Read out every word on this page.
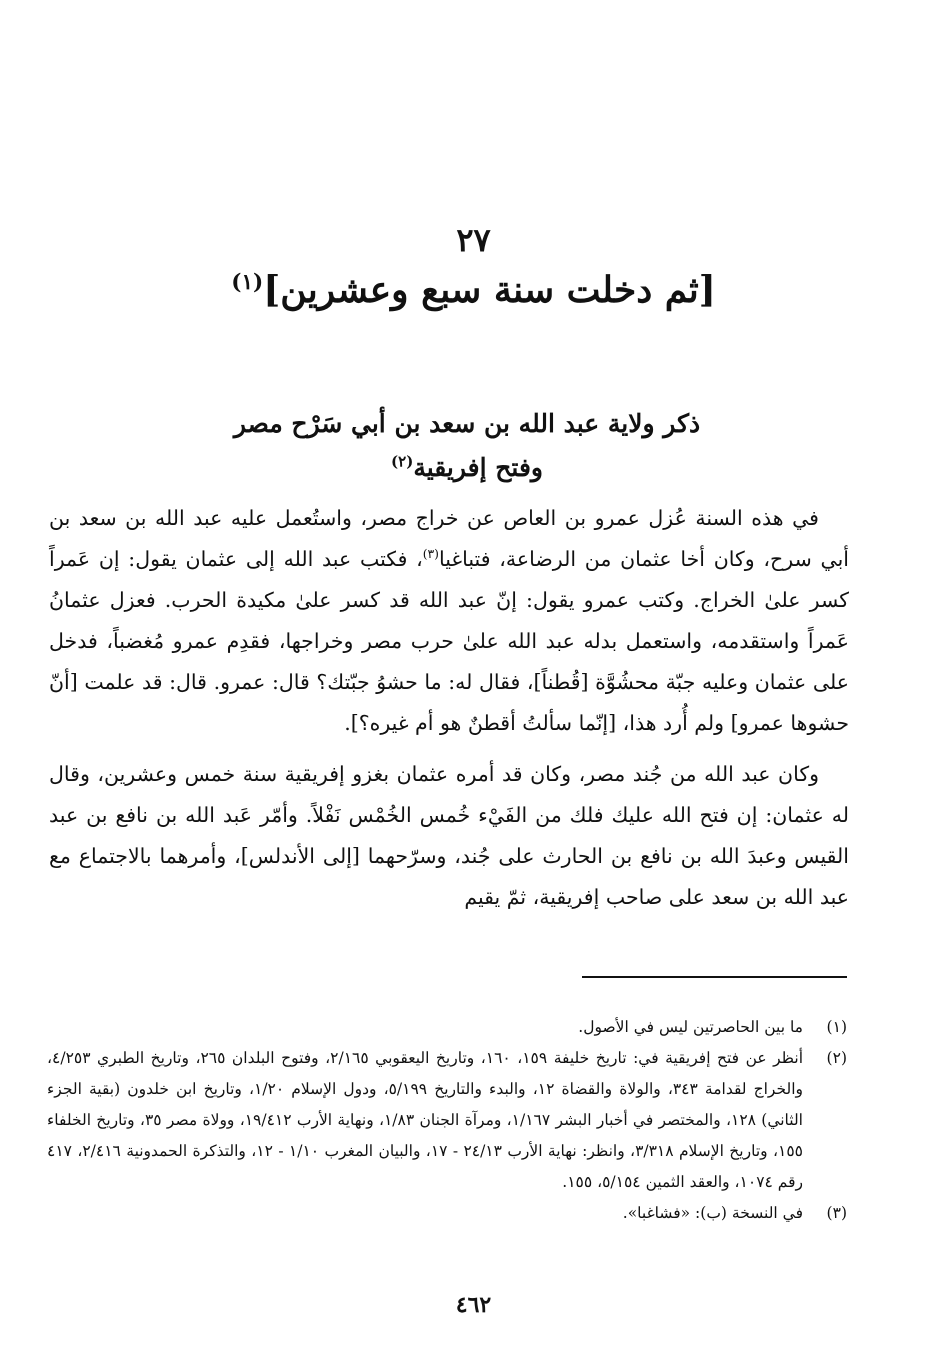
٢٧
[ثم دخلت سنة سبع وعشرين]$^{(١)}$
ذكر ولاية عبد الله بن سعد بن أبي سَرْح مصر
وفتح إفريقية$^{(٢)}$

في هذه السنة عُزل عمرو بن العاص عن خراج مصر، واستُعمل عليه عبد الله بن سعد بن أبي سرح، وكان أخا عثمان من الرضاعة، فتباغيا$^{(٣)}$، فكتب عبد الله إلى عثمان يقول: إن عَمراً كسر علىٰ الخراج. وكتب عمرو يقول: إنّ عبد الله قد كسر علىٰ مكيدة الحرب. فعزل عثمانُ عَمراً واستقدمه، واستعمل بدله عبد الله علىٰ حرب مصر وخراجها، فقدِم عمرو مُغضباً، فدخل على عثمان وعليه جبّة محشُوَّة [قُطناً]، فقال له: ما حشوُ جبّتك؟ قال: عمرو. قال: قد علمت [أنّ حشوها عمرو] ولم أُرد هذا، [إنّما سألتُ أقطنٌ هو أم غيره؟].

وكان عبد الله من جُند مصر، وكان قد أمره عثمان بغزو إفريقية سنة خمس وعشرين، وقال له عثمان: إن فتح الله عليك فلك من الفَيْء خُمس الخُمْس نَفْلاً. وأمّر عَبد الله بن نافع بن عبد القيس وعبدَ الله بن نافع بن الحارث على جُند، وسرّحهما [إلى الأندلس]، وأمرهما بالاجتماع مع عبد الله بن سعد على صاحب إفريقية، ثمّ يقيم

(١)
ما بين الحاصرتين ليس في الأصول.
(٢)
أنظر عن فتح إفريقية في: تاريخ خليفة ١٥٩، ١٦٠، وتاريخ اليعقوبي ٢/١٦٥، وفتوح البلدان ٢٦٥، وتاريخ الطبري ٤/٢٥٣، والخراج لقدامة ٣٤٣، والولاة والقضاة ١٢، والبدء والتاريخ ٥/١٩٩، ودول الإسلام ١/٢٠، وتاريخ ابن خلدون (بقية الجزء الثاني) ١٢٨، والمختصر في أخبار البشر ١/١٦٧، ومرآة الجنان ١/٨٣، ونهاية الأرب ١٩/٤١٢، وولاة مصر ٣٥، وتاريخ الخلفاء ١٥٥، وتاريخ الإسلام ٣/٣١٨، وانظر: نهاية الأرب ٢٤/١٣ - ١٧، والبيان المغرب ١/١٠ - ١٢، والتذكرة الحمدونية ٢/٤١٦، ٤١٧ رقم ١٠٧٤، والعقد الثمين ٥/١٥٤، ١٥٥.
(٣)
في النسخة (ب): «فشاغبا».
٤٦٢
